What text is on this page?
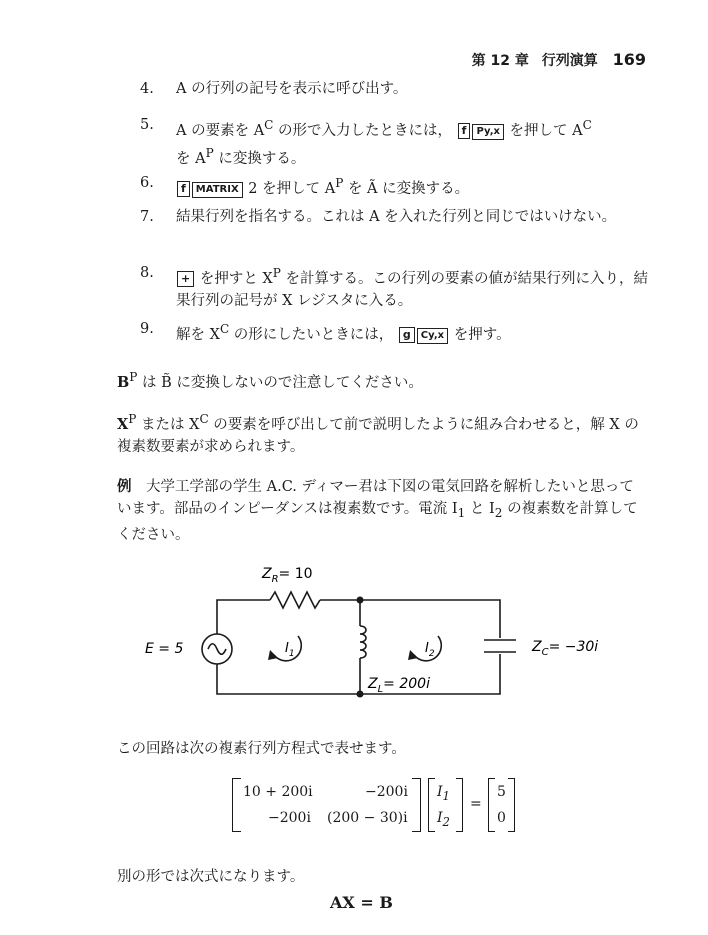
第 12 章 行列演算 169
4.	A の行列の記号を表示に呼び出す。
5.	A の要素を $A^C$ の形で入力したときには， f Py,x を押して $A^C$
を $A^P$ に変換する。
6.	f MATRIX 2 を押して $A^P$ を Ã に変換する。
7.	結果行列を指名する。これは A を入れた行列と同じではいけない。
8.	+ を押すと $X^P$ を計算する。この行列の要素の値が結果行列に入り，結果行列の記号が X レジスタに入る。
9.	解を $X^C$ の形にしたいときには， g Cy,x を押す。
$B^P$ は B̃ に変換しないので注意してください。
$X^P$ または $X^C$ の要素を呼び出して前で説明したように組み合わせると，解 X の複素数要素が求められます。
例　大学工学部の学生 A.C. ディマー君は下図の電気回路を解析したいと思っています。部品のインピーダンスは複素数です。電流 $I_1$ と $I_2$ の複素数を計算してください。
$Z_R= 10$
E = 5	$I_1$	$I_2$
$Z_L= 200i$
$Z_C= -30i$
この回路は次の複素行列方程式で表せます。
10 + 200i	−200i
−200i (200 − 30)i
$I_1$
$I_2$
=
5
0
別の形では次式になります。
AX = B
